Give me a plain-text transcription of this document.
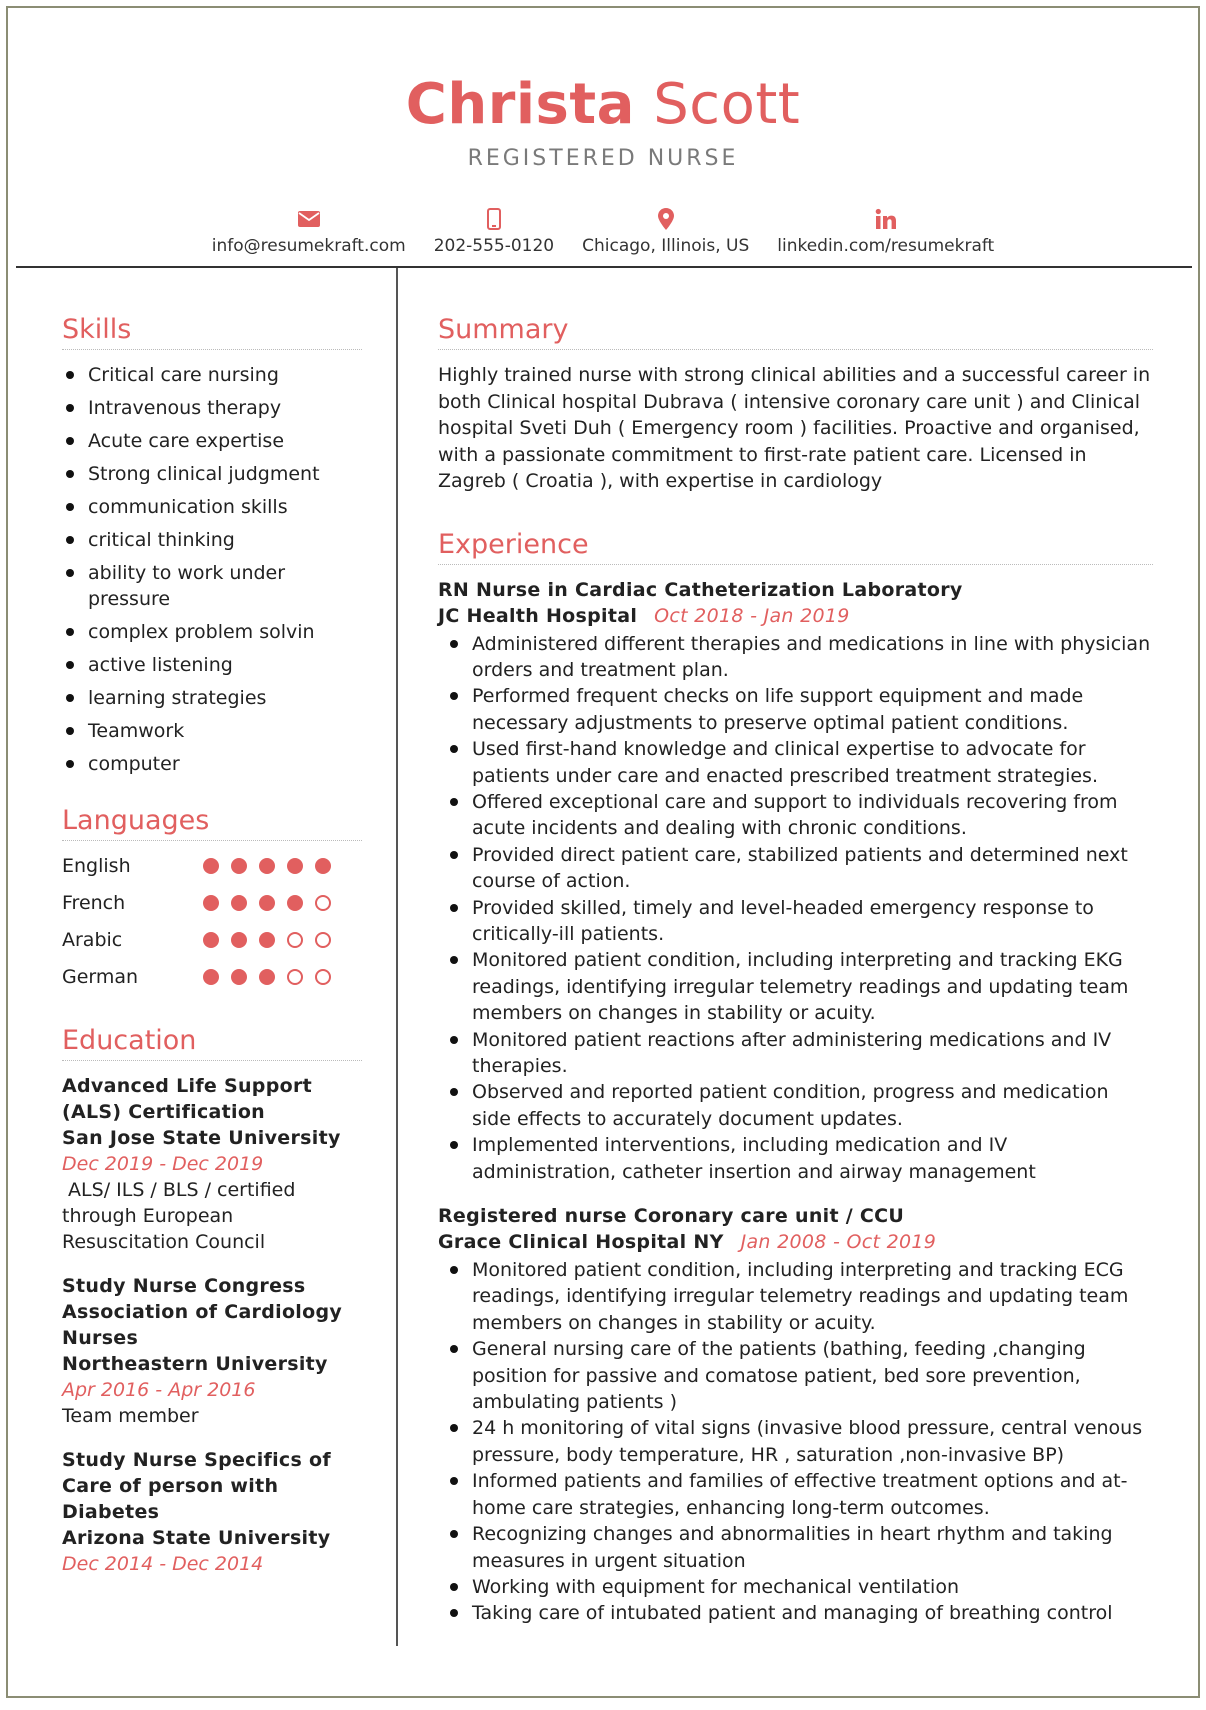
Christa Scott
REGISTERED NURSE
info@resumekraft.com 202-555-0120 Chicago, Illinois, US linkedin.com/resumekraft
Skills
Critical care nursing
Intravenous therapy
Acute care expertise
Strong clinical judgment
communication skills
critical thinking
ability to work under pressure
complex problem solvin
active listening
learning strategies
Teamwork
computer
Languages
English
French
Arabic
German
Education
Advanced Life Support (ALS) Certification
San Jose State University
Dec 2019 - Dec 2019
ALS/ ILS / BLS / certified through European Resuscitation Council
Study Nurse Congress Association of Cardiology Nurses
Northeastern University
Apr 2016 - Apr 2016
Team member
Study Nurse Specifics of Care of person with Diabetes
Arizona State University
Dec 2014 - Dec 2014
Summary
Highly trained nurse with strong clinical abilities and a successful career in both Clinical hospital Dubrava ( intensive coronary care unit ) and Clinical hospital Sveti Duh ( Emergency room ) facilities. Proactive and organised, with a passionate commitment to first-rate patient care. Licensed in Zagreb ( Croatia ), with expertise in cardiology
Experience
RN Nurse in Cardiac Catheterization Laboratory
JC Health Hospital Oct 2018 - Jan 2019
Administered different therapies and medications in line with physician orders and treatment plan.
Performed frequent checks on life support equipment and made necessary adjustments to preserve optimal patient conditions.
Used first-hand knowledge and clinical expertise to advocate for patients under care and enacted prescribed treatment strategies.
Offered exceptional care and support to individuals recovering from acute incidents and dealing with chronic conditions.
Provided direct patient care, stabilized patients and determined next course of action.
Provided skilled, timely and level-headed emergency response to critically-ill patients.
Monitored patient condition, including interpreting and tracking EKG readings, identifying irregular telemetry readings and updating team members on changes in stability or acuity.
Monitored patient reactions after administering medications and IV therapies.
Observed and reported patient condition, progress and medication side effects to accurately document updates.
Implemented interventions, including medication and IV administration, catheter insertion and airway management
Registered nurse Coronary care unit / CCU
Grace Clinical Hospital NY Jan 2008 - Oct 2019
Monitored patient condition, including interpreting and tracking ECG readings, identifying irregular telemetry readings and updating team members on changes in stability or acuity.
General nursing care of the patients (bathing, feeding ,changing position for passive and comatose patient, bed sore prevention, ambulating patients )
24 h monitoring of vital signs (invasive blood pressure, central venous pressure, body temperature, HR , saturation ,non-invasive BP)
Informed patients and families of effective treatment options and at-home care strategies, enhancing long-term outcomes.
Recognizing changes and abnormalities in heart rhythm and taking measures in urgent situation
Working with equipment for mechanical ventilation
Taking care of intubated patient and managing of breathing control
